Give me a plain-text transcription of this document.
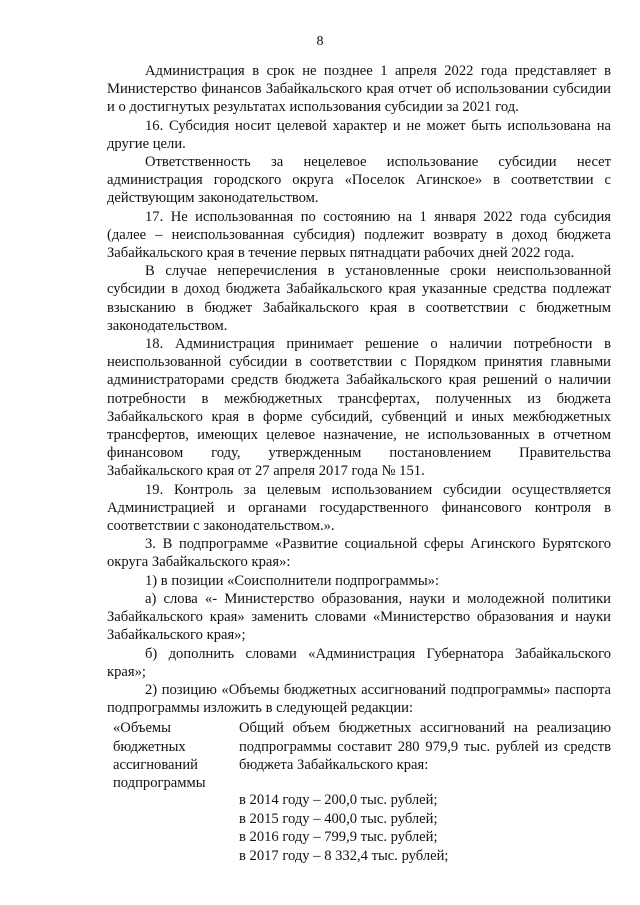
8

Администрация в срок не позднее 1 апреля 2022 года представляет в Министерство финансов Забайкальского края отчет об использовании субсидии и о достигнутых результатах использования субсидии за 2021 год.

16. Субсидия носит целевой характер и не может быть использована на другие цели.

Ответственность за нецелевое использование субсидии несет администрация городского округа «Поселок Агинское» в соответствии с действующим законодательством.

17. Не использованная по состоянию на 1 января 2022 года субсидия (далее – неиспользованная субсидия) подлежит возврату в доход бюджета Забайкальского края в течение первых пятнадцати рабочих дней 2022 года.

В случае неперечисления в установленные сроки неиспользованной субсидии в доход бюджета Забайкальского края указанные средства подлежат взысканию в бюджет Забайкальского края в соответствии с бюджетным законодательством.

18. Администрация принимает решение о наличии потребности в неиспользованной субсидии в соответствии с Порядком принятия главными администраторами средств бюджета Забайкальского края решений о наличии потребности в межбюджетных трансфертах, полученных из бюджета Забайкальского края в форме субсидий, субвенций и иных межбюджетных трансфертов, имеющих целевое назначение, не использованных в отчетном финансовом году, утвержденным постановлением Правительства Забайкальского края от 27 апреля 2017 года № 151.

19. Контроль за целевым использованием субсидии осуществляется Администрацией и органами государственного финансового контроля в соответствии с законодательством.».

3. В подпрограмме «Развитие социальной сферы Агинского Бурятского округа Забайкальского края»:

1) в позиции «Соисполнители подпрограммы»:

а) слова «- Министерство образования, науки и молодежной политики Забайкальского края» заменить словами «Министерство образования и науки Забайкальского края»;

б) дополнить словами «Администрация Губернатора Забайкальского края»;

2) позицию «Объемы бюджетных ассигнований подпрограммы» паспорта подпрограммы изложить в следующей редакции:

«Объемы
бюджетных
ассигнований
подпрограммы
Общий объем бюджетных ассигнований на реализацию подпрограммы составит 280 979,9 тыс. рублей из средств бюджета Забайкальского края:
в 2014 году – 200,0 тыс. рублей;
в 2015 году – 400,0 тыс. рублей;
в 2016 году – 799,9 тыс. рублей;
в 2017 году – 8 332,4 тыс. рублей;
